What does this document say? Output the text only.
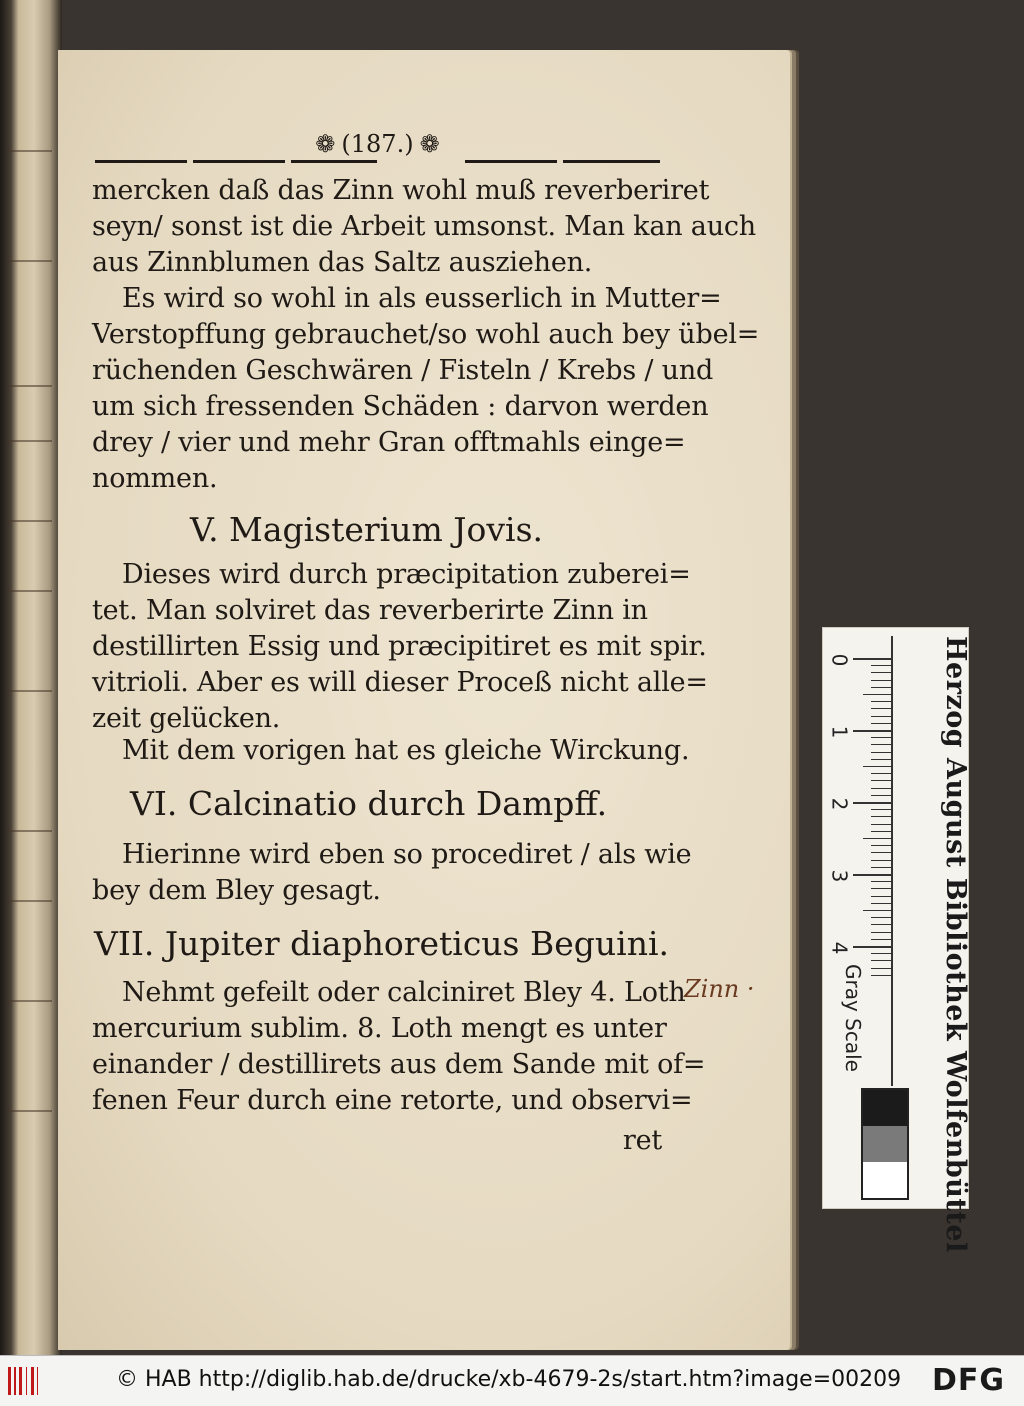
❁ (187.) ❁
mercken daß das Zinn wohl muß reverberiret
seyn/ sonst ist die Arbeit umsonst. Man kan auch
aus Zinnblumen das Saltz ausziehen.
Es wird so wohl in als eusserlich in Mutter=
Verstopffung gebrauchet/so wohl auch bey übel=
rüchenden Geschwären / Fisteln / Krebs / und
um sich fressenden Schäden : darvon werden
drey / vier und mehr Gran offtmahls einge=
nommen.
V. Magisterium Jovis.
Dieses wird durch præcipitation zuberei=
tet. Man solviret das reverberirte Zinn in
destillirten Essig und præcipitiret es mit spir.
vitrioli. Aber es will dieser Proceß nicht alle=
zeit gelücken.
Mit dem vorigen hat es gleiche Wirckung.
VI. Calcinatio durch Dampff.
Hierinne wird eben so procediret / als wie
bey dem Bley gesagt.
VII. Jupiter diaphoreticus Beguini.
Nehmt gefeilt oder calciniret Bley 4. Loth
mercurium sublim. 8. Loth mengt es unter
einander / destillirets aus dem Sande mit of=
fenen Feur durch eine retorte, und observi=
ret
Zinn ·
0
1
2
3
4
Gray Scale	Herzog August Bibliothek Wolfenbüttel
© HAB http://diglib.hab.de/drucke/xb-4679-2s/start.htm?image=00209 DFG
